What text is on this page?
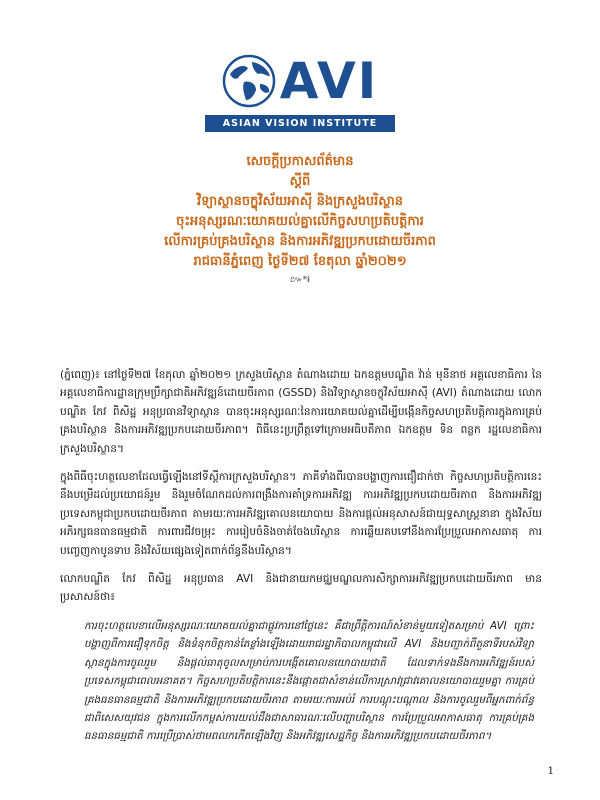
AVI
ASIAN VISION INSTITUTE
សេចក្តីប្រកាសព័ត៌មាន
ស្តីពី
វិទ្យាស្ថានចក្ខុវិស័យអាស៊ី និងក្រសួងបរិស្ថាន
ចុះអនុស្សរណៈយោគយល់គ្នាលើកិច្ចសហប្រតិបត្តិការ
លើការគ្រប់គ្រងបរិស្ថាន និងការអភិវឌ្ឍប្រកបដោយចីរភាព
រាជធានីភ្នំពេញ ថ្ងៃទី២៧ ខែតុលា ឆ្នាំ២០២១
៚*៛

(ភ្នំពេញ)៖ នៅថ្ងៃទី២៧ ខែតុលា ឆ្នាំ២០២១ ក្រសួងបរិស្ថាន តំណាងដោយ ឯកឧត្តមបណ្ឌិត វ៉ាន់ មុនីនាថ អគ្គលេខាធិការ នៃអគ្គលេខាធិការដ្ឋានក្រុមប្រឹក្សាជាតិអភិវឌ្ឍន៍ដោយចីរភាព (GSSD) និងវិទ្យាស្ថានចក្ខុវិស័យអាស៊ី (AVI) តំណាងដោយ លោកបណ្ឌិត កែវ ពិសិដ្ឋ អនុប្រធានវិទ្យាស្ថាន បានចុះអនុស្សរណៈនៃការយោគយល់គ្នាដើម្បីបង្កើនកិច្ចសហប្រតិបត្តិការក្នុងការគ្រប់គ្រងបរិស្ថាន និងការអភិវឌ្ឍប្រកបដោយចីរភាព។ ពិធីនេះប្រព្រឹត្តទៅក្រោមអធិបតីភាព ឯកឧត្តម ទិន ពន្លក រដ្ឋលេខាធិការក្រសួងបរិស្ថាន។

ក្នុងពិធីចុះហត្ថលេខាដែលធ្វើឡើងនៅទីស្តីការក្រសួងបរិស្ថាន។ ភាគីទាំងពីរបានបង្ហាញការជឿជាក់ថា កិច្ចសហប្រតិបត្តិការនេះនឹងបម្រើដល់ប្រយោជន៍រួម និងរួមចំណែកដល់ការពង្រឹងការគាំទ្រការអភិវឌ្ឍ ការអភិវឌ្ឍប្រកបដោយចីរភាព និងការអភិវឌ្ឍប្រទេសកម្ពុជាប្រកបដោយចីរភាព តាមរយៈការអភិវឌ្ឍគោលនយោបាយ និងការផ្តល់អនុសាសន៍ជាយុទ្ធសាស្ត្រនានា ក្នុងវិស័យអភិរក្សធនធានធម្មជាតិ ការពារជីវចម្រុះ ការរៀបចំនិងចាត់ចែងបរិស្ថាន ការឆ្លើយតបទៅនឹងការប្រែប្រួលអាកាសធាតុ ការបញ្ចេញកាបូនទាប និងវិស័យផ្សេងទៀតពាក់ព័ន្ធនឹងបរិស្ថាន។

លោកបណ្ឌិត កែវ ពិសិដ្ឋ អនុប្រធាន AVI និងជានាយកមជ្ឈមណ្ឌលការសិក្សាការអភិវឌ្ឍប្រកបដោយចីរភាព មានប្រសាសន៍ថា៖

ការចុះហត្ថលេខាលើអនុស្សរណៈយោគយល់គ្នាជាផ្លូវការនៅថ្ងៃនេះ គឺជាព្រឹត្តិការណ៍សំខាន់មួយទៀតសម្រាប់ AVI ព្រោះបង្ហាញពីការជឿទុកចិត្ត និងទំនុកចិត្តកាន់តែខ្លាំងឡើងដោយរាជរដ្ឋាភិបាលកម្ពុជាលើ AVI និងបញ្ជាក់ពីតួនាទីរបស់វិទ្យាស្ថានក្នុងការចូលរួម និងផ្តល់ធាតុចូលសម្រាប់ការបង្កើតគោលនយោបាយជាតិ ដែលទាក់ទងនឹងការអភិវឌ្ឍន៍របស់ប្រទេសកម្ពុជាពេលអនាគត។ កិច្ចសហប្រតិបត្តិការនេះនឹងផ្តោតជាសំខាន់លើការស្រាវជ្រាវគោលនយោបាយរួមគ្នា ការគ្រប់គ្រងធនធានធម្មជាតិ និងការអភិវឌ្ឍប្រកបដោយចីរភាព តាមរយៈការអប់រំ ការបណ្តុះបណ្តាល និងការចូលរួមពីអ្នកពាក់ព័ន្ធ ជាពិសេសយុវជន ក្នុងការលើកកម្ពស់ការយល់ដឹងជាសាធារណៈលើបញ្ហាបរិស្ថាន ការប្រែប្រួលអាកាសធាតុ ការគ្រប់គ្រងធនធានធម្មជាតិ ការប្រើប្រាស់ថាមពលកកើតឡើងវិញ និងអភិវឌ្ឍសេដ្ឋកិច្ច និងការអភិវឌ្ឍប្រកបដោយចីរភាព។

1
